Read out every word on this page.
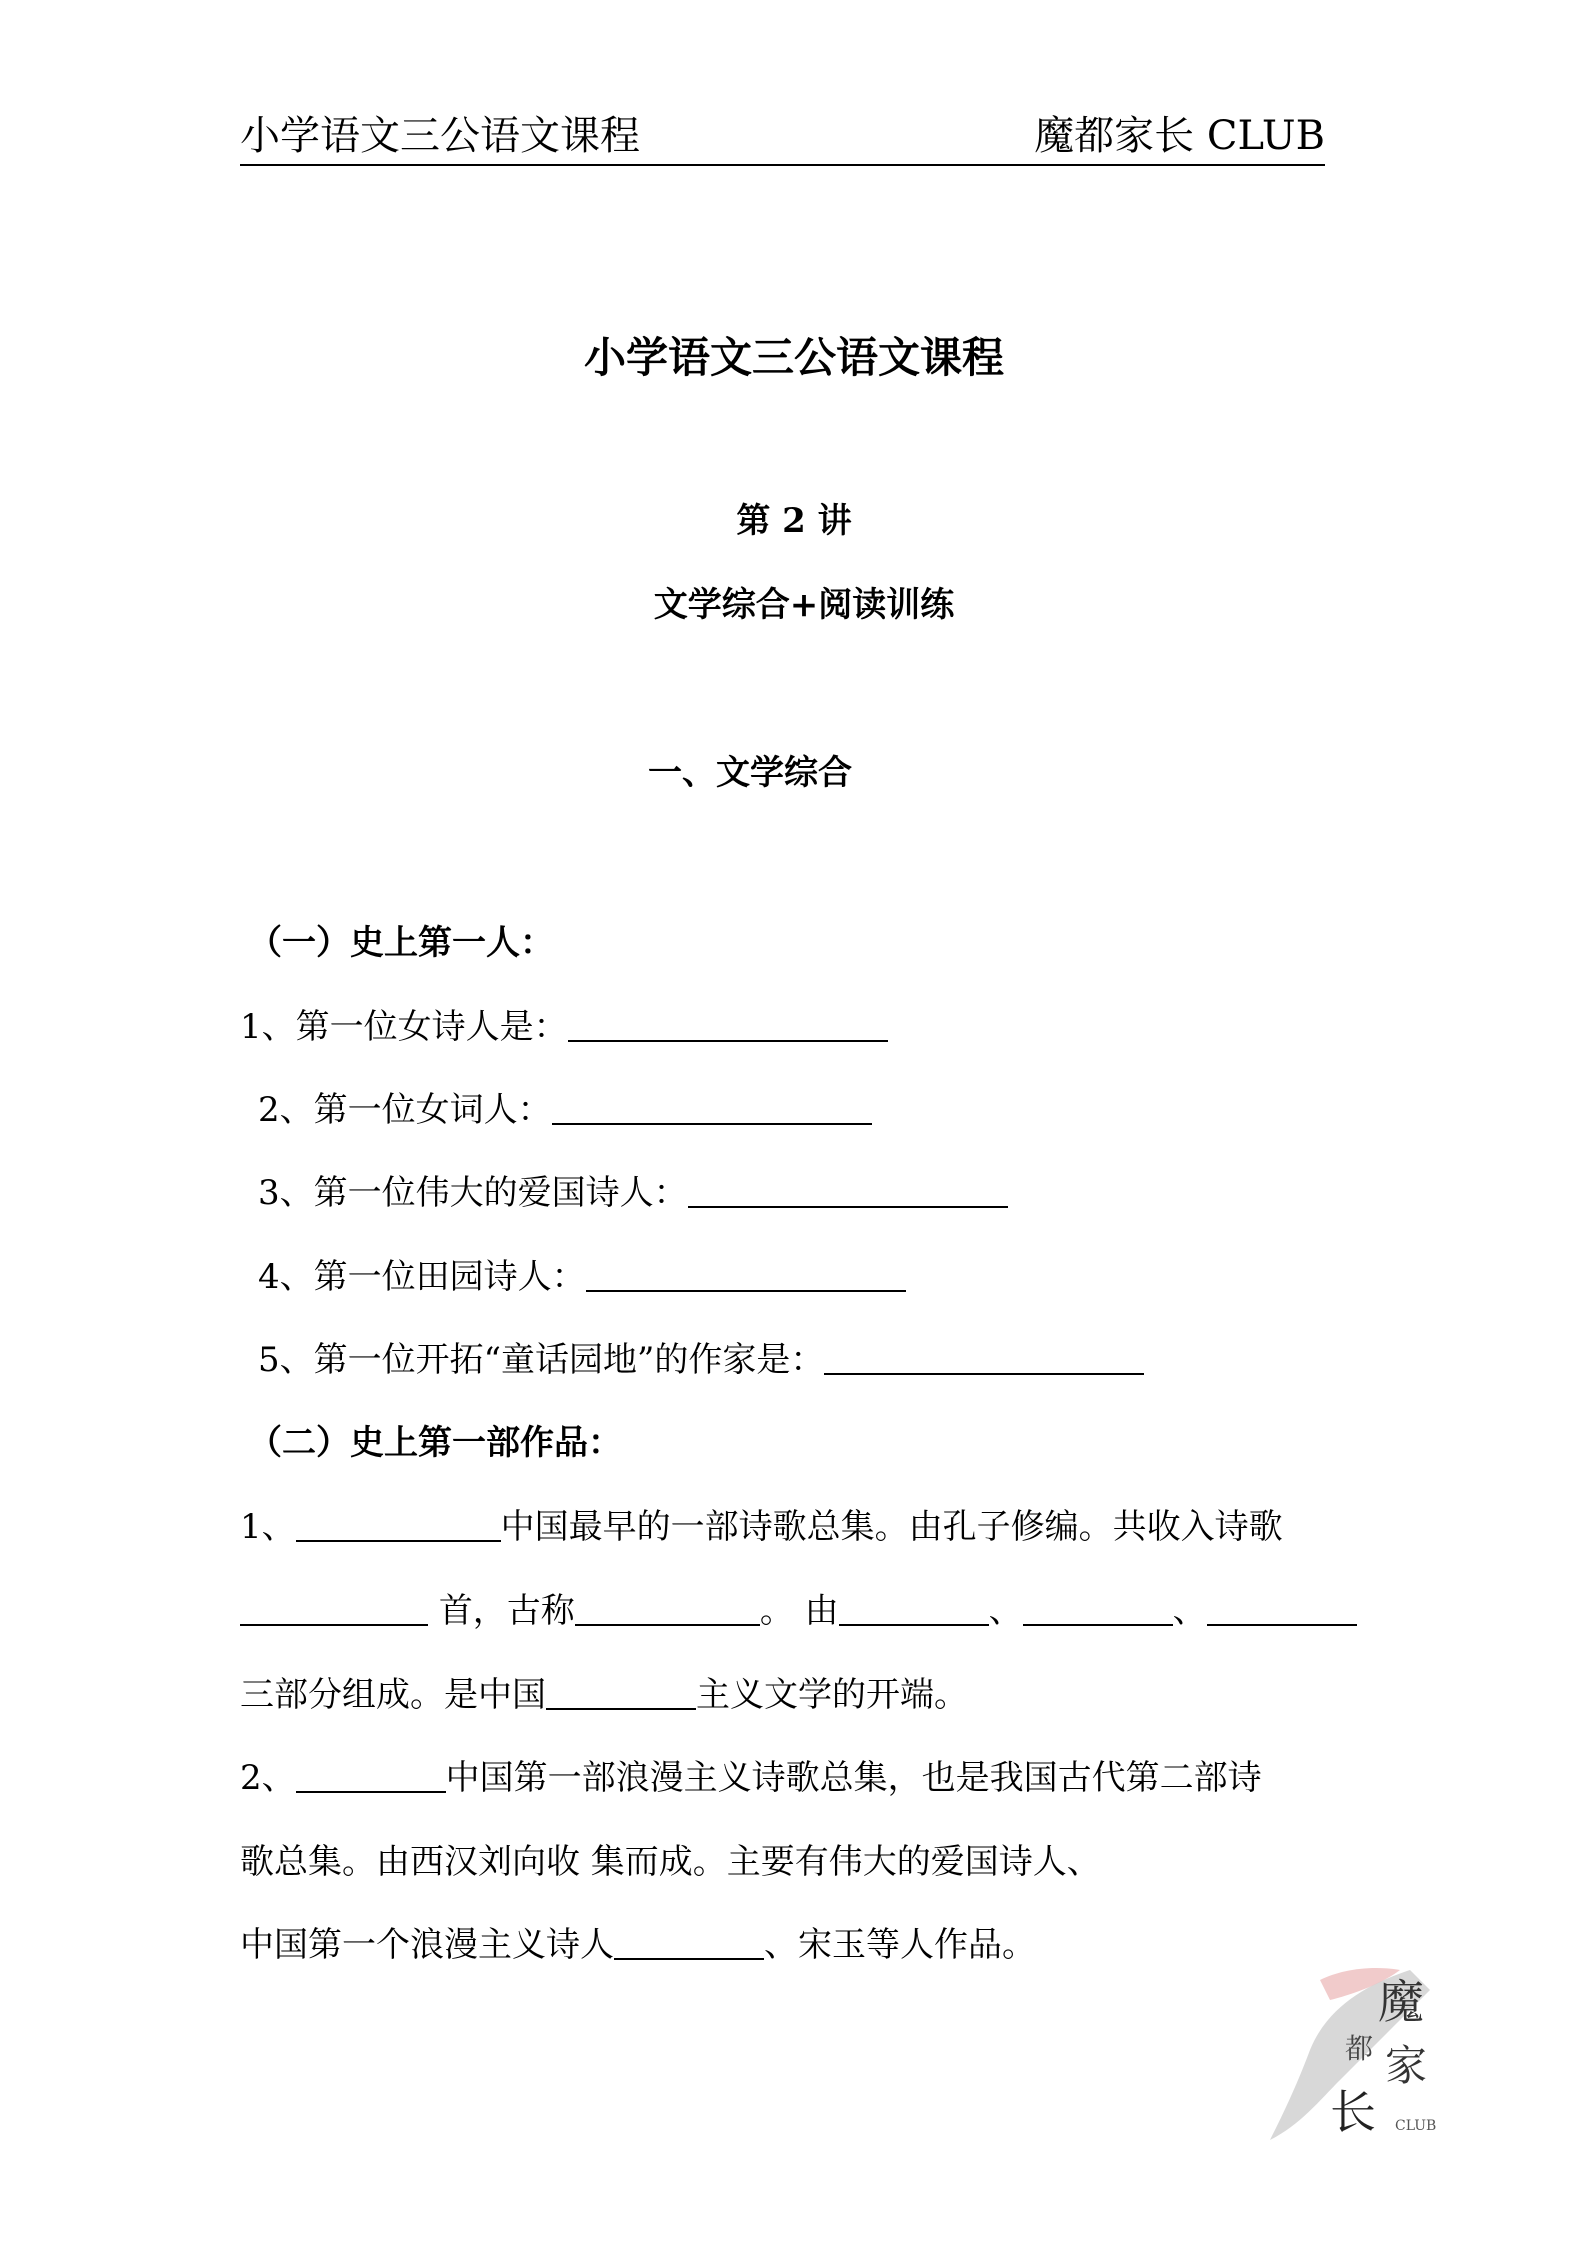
小学语文三公语文课程	魔都家长 CLUB
小学语文三公语文课程
第 2 讲
文学综合+阅读训练
一、文学综合
（一）史上第一人：
1、第一位女诗人是：
2、第一位女词人：
3、第一位伟大的爱国诗人：
4、第一位田园诗人：
5、第一位开拓“童话园地”的作家是：
（二）史上第一部作品：
1、	中国最早的一部诗歌总集。由孔子修编。共收入诗歌
首，古称	。 由	、	、
三部分组成。是中国	主义文学的开端。
2、	中国第一部浪漫主义诗歌总集，也是我国古代第二部诗
歌总集。由西汉刘向收 集而成。主要有伟大的爱国诗人、
中国第一个浪漫主义诗人	、宋玉等人作品。
魔
都 家
长 CLUB
